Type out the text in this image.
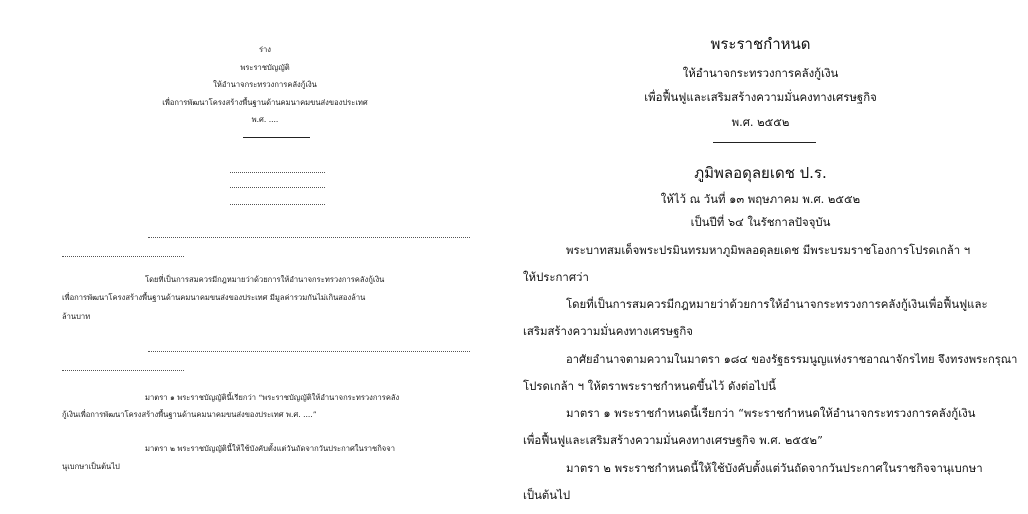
ร่าง
พระราชบัญญัติ
ให้อำนาจกระทรวงการคลังกู้เงิน
เพื่อการพัฒนาโครงสร้างพื้นฐานด้านคมนาคมขนส่งของประเทศ
พ.ศ. ....
โดยที่เป็นการสมควรมีกฎหมายว่าด้วยการให้อำนาจกระทรวงการคลังกู้เงิน
เพื่อการพัฒนาโครงสร้างพื้นฐานด้านคมนาคมขนส่งของประเทศ มีมูลค่ารวมกันไม่เกินสองล้าน
ล้านบาท
มาตรา ๑ พระราชบัญญัตินี้เรียกว่า “พระราชบัญญัติให้อำนาจกระทรวงการคลัง
กู้เงินเพื่อการพัฒนาโครงสร้างพื้นฐานด้านคมนาคมขนส่งของประเทศ พ.ศ. ....”
มาตรา ๒ พระราชบัญญัตินี้ให้ใช้บังคับตั้งแต่วันถัดจากวันประกาศในราชกิจจา
นุเบกษาเป็นต้นไป
พระราชกำหนด
ให้อำนาจกระทรวงการคลังกู้เงิน
เพื่อฟื้นฟูและเสริมสร้างความมั่นคงทางเศรษฐกิจ
พ.ศ. ๒๕๕๒
ภูมิพลอดุลยเดช ป.ร.
ให้ไว้ ณ วันที่ ๑๓ พฤษภาคม พ.ศ. ๒๕๕๒
เป็นปีที่ ๖๔ ในรัชกาลปัจจุบัน
พระบาทสมเด็จพระปรมินทรมหาภูมิพลอดุลยเดช มีพระบรมราชโองการโปรดเกล้า ฯ
ให้ประกาศว่า
โดยที่เป็นการสมควรมีกฎหมายว่าด้วยการให้อำนาจกระทรวงการคลังกู้เงินเพื่อฟื้นฟูและ
เสริมสร้างความมั่นคงทางเศรษฐกิจ
อาศัยอำนาจตามความในมาตรา ๑๘๔ ของรัฐธรรมนูญแห่งราชอาณาจักรไทย จึงทรงพระกรุณา
โปรดเกล้า ฯ ให้ตราพระราชกำหนดขึ้นไว้ ดังต่อไปนี้
มาตรา ๑ พระราชกำหนดนี้เรียกว่า “พระราชกำหนดให้อำนาจกระทรวงการคลังกู้เงิน
เพื่อฟื้นฟูและเสริมสร้างความมั่นคงทางเศรษฐกิจ พ.ศ. ๒๕๕๒”
มาตรา ๒ พระราชกำหนดนี้ให้ใช้บังคับตั้งแต่วันถัดจากวันประกาศในราชกิจจานุเบกษา
เป็นต้นไป
